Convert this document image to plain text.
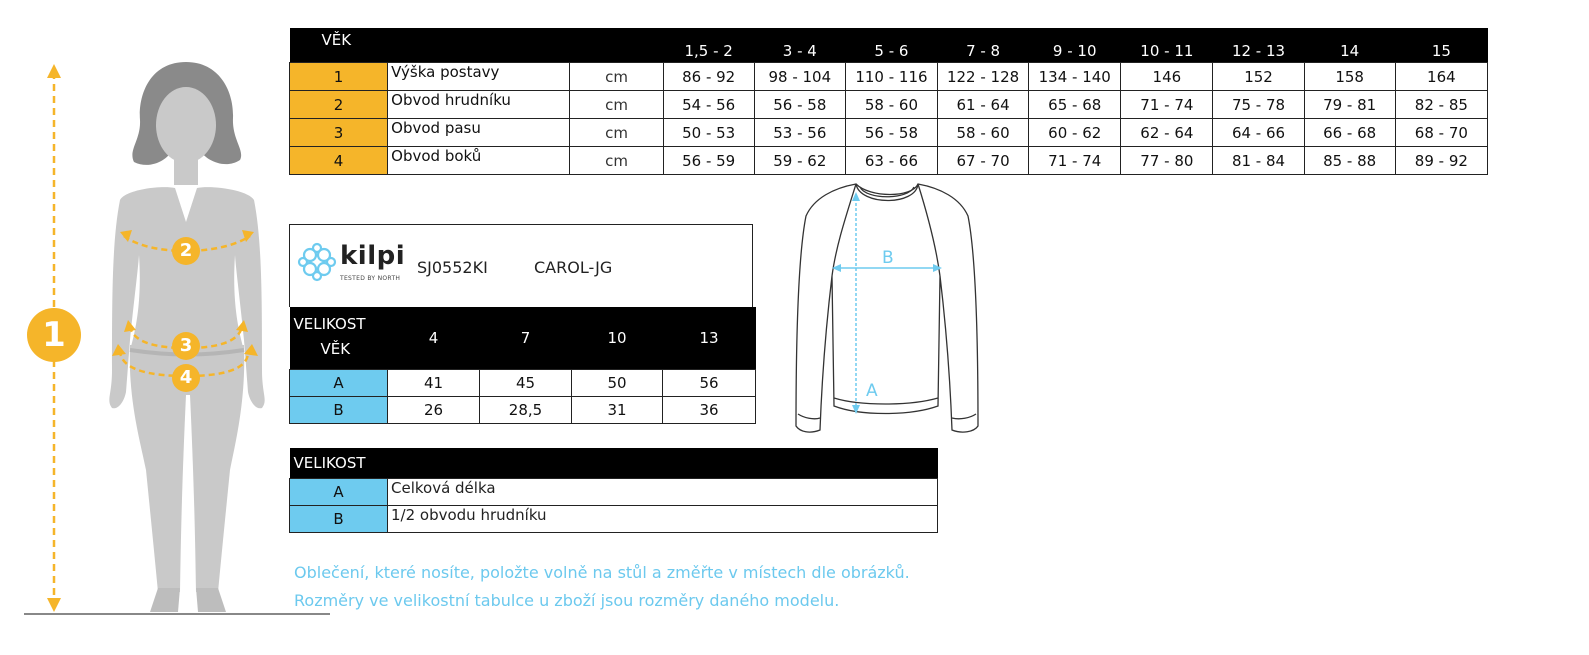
1
2
3
4
VĚK			1,5 - 2	3 - 4	5 - 6	7 - 8	9 - 10	10 - 11	12 - 13	14	15
1	Výška postavy	cm	86 - 92	98 - 104	110 - 116	122 - 128	134 - 140	146	152	158	164
2	Obvod hrudníku	cm	54 - 56	56 - 58	58 - 60	61 - 64	65 - 68	71 - 74	75 - 78	79 - 81	82 - 85
3	Obvod pasu	cm	50 - 53	53 - 56	56 - 58	58 - 60	60 - 62	62 - 64	64 - 66	66 - 68	68 - 70
4	Obvod boků	cm	56 - 59	59 - 62	63 - 66	67 - 70	71 - 74	77 - 80	81 - 84	85 - 88	89 - 92
kilpi
TESTED BY NORTH
SJ0552KI	CAROL-JG
VELIKOST
VĚK	4	7	10	13
A	41	45	50	56
B	26	28,5	31	36
A
B
VELIKOST	
A	Celková délka
B	1/2 obvodu hrudníku
Oblečení, které nosíte, položte volně na stůl a změřte v místech dle obrázků.
Rozměry ve velikostní tabulce u zboží jsou rozměry daného modelu.
